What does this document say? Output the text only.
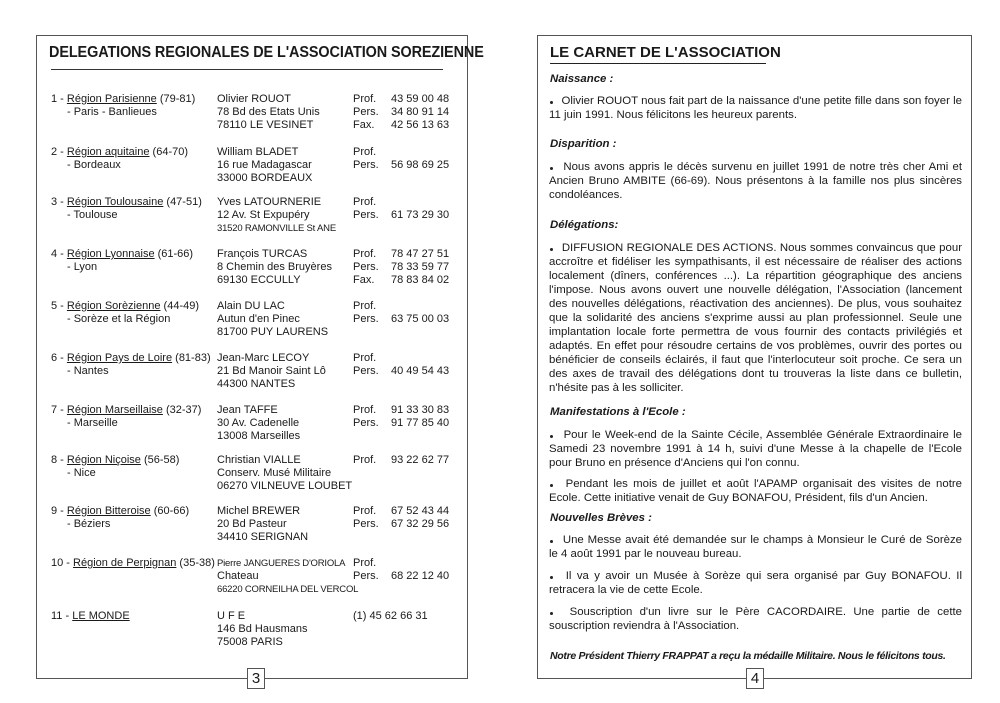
DELEGATIONS REGIONALES DE L'ASSOCIATION SOREZIENNE
1 - Région Parisienne (79-81)
- Paris - Banlieues
Olivier ROUOT
78 Bd des Etats Unis
78110 LE VESINET
Prof.
Pers.
Fax.
43 59 00 48
34 80 91 14
42 56 13 63
2 - Région aquitaine (64-70)
- Bordeaux
William BLADET
16 rue Madagascar
33000 BORDEAUX
Prof.
Pers. 56 98 69 25
3 - Région Toulousaine (47-51)
- Toulouse
Yves LATOURNERIE
12 Av. St Expupéry
31520 RAMONVILLE St ANE
Prof.
Pers. 61 73 29 30
4 - Région Lyonnaise (61-66)
- Lyon
François TURCAS
8 Chemin des Bruyères
69130 ECCULLY
Prof.
Pers.
Fax.
78 47 27 51
78 33 59 77
78 83 84 02
5 - Région Sorèzienne (44-49)
- Sorèze et la Région
Alain DU LAC
Autun d'en Pinec
81700 PUY LAURENS
Prof.
Pers. 63 75 00 03
6 - Région Pays de Loire (81-83)
- Nantes
Jean-Marc LECOY
21 Bd Manoir Saint Lô
44300 NANTES
Prof.
Pers. 40 49 54 43
7 - Région Marseillaise (32-37)
- Marseille
Jean TAFFE
30 Av. Cadenelle
13008 Marseilles
Prof.
Pers.
91 33 30 83
91 77 85 40
8 - Région Niçoise (56-58)
- Nice
Christian VIALLE
Conserv. Musé Militaire
06270 VILNEUVE LOUBET
Prof. 93 22 62 77
9 - Région Bitteroise (60-66)
- Béziers
Michel BREWER
20 Bd Pasteur
34410 SERIGNAN
Prof.
Pers.
67 52 43 44
67 32 29 56
10 - Région de Perpignan (35-38) Pierre JANGUERES D'ORIOLA
Chateau
66220 CORNEILHA DEL VERCOL
Prof.
Pers. 68 22 12 40
11 - LE MONDE	U F E
146 Bd Hausmans
75008 PARIS
(1) 45 62 66 31
3
LE CARNET DE L'ASSOCIATION
Naissance :
Olivier ROUOT nous fait part de la naissance d'une petite fille dans son foyer le 11 juin 1991. Nous félicitons les heureux parents.
Disparition :
Nous avons appris le décès survenu en juillet 1991 de notre très cher Ami et Ancien Bruno AMBITE (66-69). Nous présentons à la famille nos plus sincères condoléances.
Délégations:
DIFFUSION REGIONALE DES ACTIONS. Nous sommes convaincus que pour accroître et fidéliser les sympathisants, il est nécessaire de réaliser des actions localement (dîners, conférences ...). La répartition géographique des anciens l'impose. Nous avons ouvert une nouvelle délégation, l'Association (lancement des nouvelles délégations, réactivation des anciennes). De plus, vous souhaitez que la solidarité des anciens s'exprime aussi au plan professionnel. Seule une implantation locale forte permettra de vous fournir des contacts privilégiés et adaptés. En effet pour résoudre certains de vos problèmes, ouvrir des portes ou bénéficier de conseils éclairés, il faut que l'interlocuteur soit proche. Ce sera un des axes de travail des délégations dont tu trouveras la liste dans ce bulletin, n'hésite pas à les solliciter.
Manifestations à l'Ecole :
Pour le Week-end de la Sainte Cécile, Assemblée Générale Extraordinaire le Samedi 23 novembre 1991 à 14 h, suivi d'une Messe à la chapelle de l'Ecole pour Bruno en présence d'Anciens qui l'on connu.
Pendant les mois de juillet et août l'APAMP organisait des visites de notre Ecole. Cette initiative venait de Guy BONAFOU, Président, fils d'un Ancien.
Nouvelles Brèves :
Une Messe avait été demandée sur le champs à Monsieur le Curé de Sorèze le 4 août 1991 par le nouveau bureau.
Il va y avoir un Musée à Sorèze qui sera organisé par Guy BONAFOU. Il retracera la vie de cette Ecole.
Souscription d'un livre sur le Père CACORDAIRE. Une partie de cette souscription reviendra à l'Association.
Notre Président Thierry FRAPPAT a reçu la médaille Militaire. Nous le félicitons tous.
4
